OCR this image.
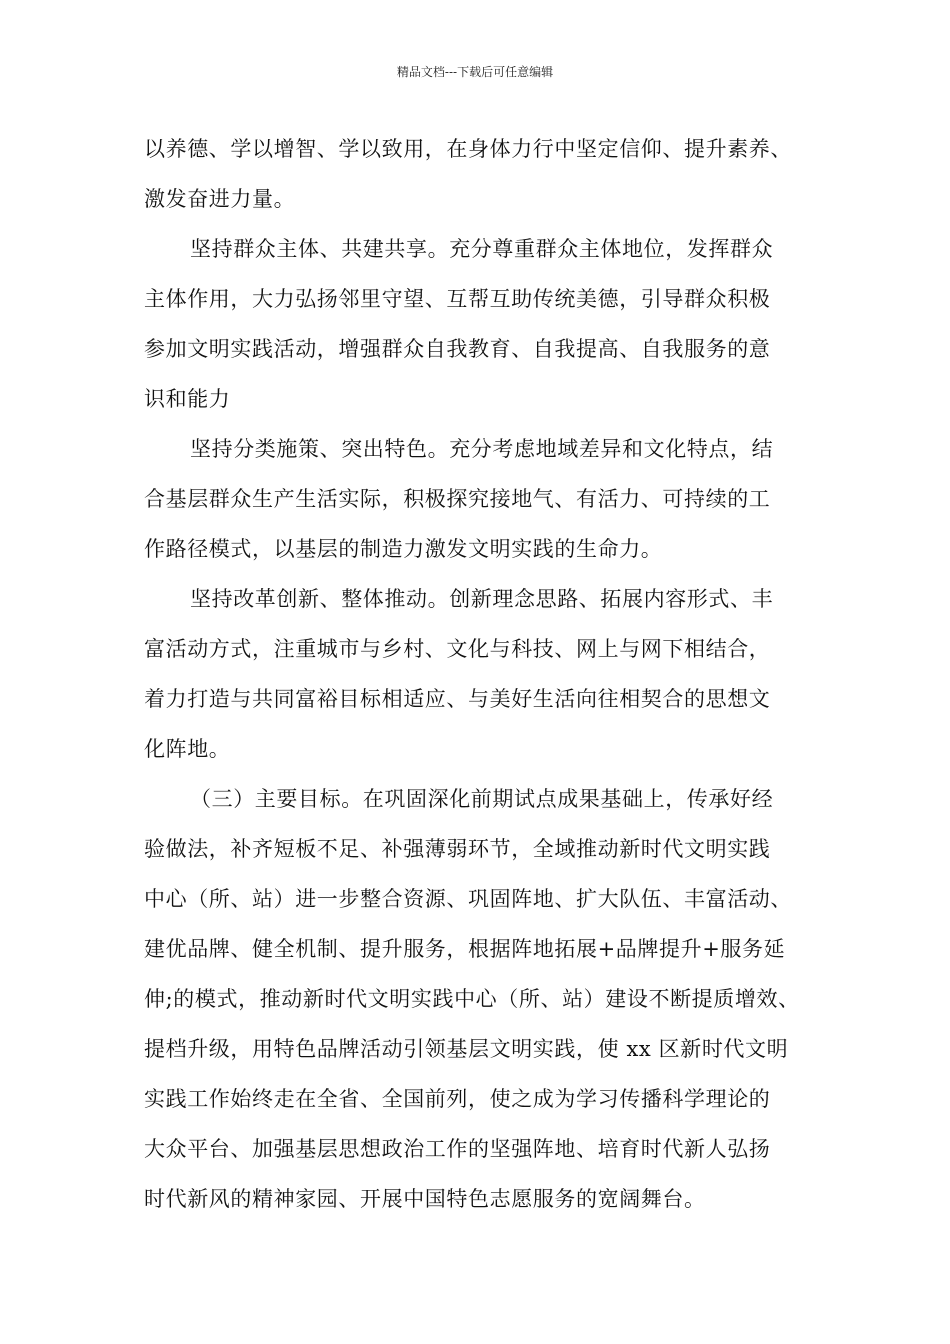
精品文档---下载后可任意编辑
以养德、学以增智、学以致用，在身体力行中坚定信仰、提升素养、
激发奋进力量。
坚持群众主体、共建共享。充分尊重群众主体地位，发挥群众
主体作用，大力弘扬邻里守望、互帮互助传统美德，引导群众积极
参加文明实践活动，增强群众自我教育、自我提高、自我服务的意
识和能力
坚持分类施策、突出特色。充分考虑地域差异和文化特点，结
合基层群众生产生活实际，积极探究接地气、有活力、可持续的工
作路径模式，以基层的制造力激发文明实践的生命力。
坚持改革创新、整体推动。创新理念思路、拓展内容形式、丰
富活动方式，注重城市与乡村、文化与科技、网上与网下相结合，
着力打造与共同富裕目标相适应、与美好生活向往相契合的思想文
化阵地。
（三）主要目标。在巩固深化前期试点成果基础上，传承好经
验做法，补齐短板不足、补强薄弱环节，全域推动新时代文明实践
中心（所、站）进一步整合资源、巩固阵地、扩大队伍、丰富活动、
建优品牌、健全机制、提升服务，根据阵地拓展+品牌提升+服务延
伸;的模式，推动新时代文明实践中心（所、站）建设不断提质增效、
提档升级，用特色品牌活动引领基层文明实践，使 xx 区新时代文明
实践工作始终走在全省、全国前列，使之成为学习传播科学理论的
大众平台、加强基层思想政治工作的坚强阵地、培育时代新人弘扬
时代新风的精神家园、开展中国特色志愿服务的宽阔舞台。
